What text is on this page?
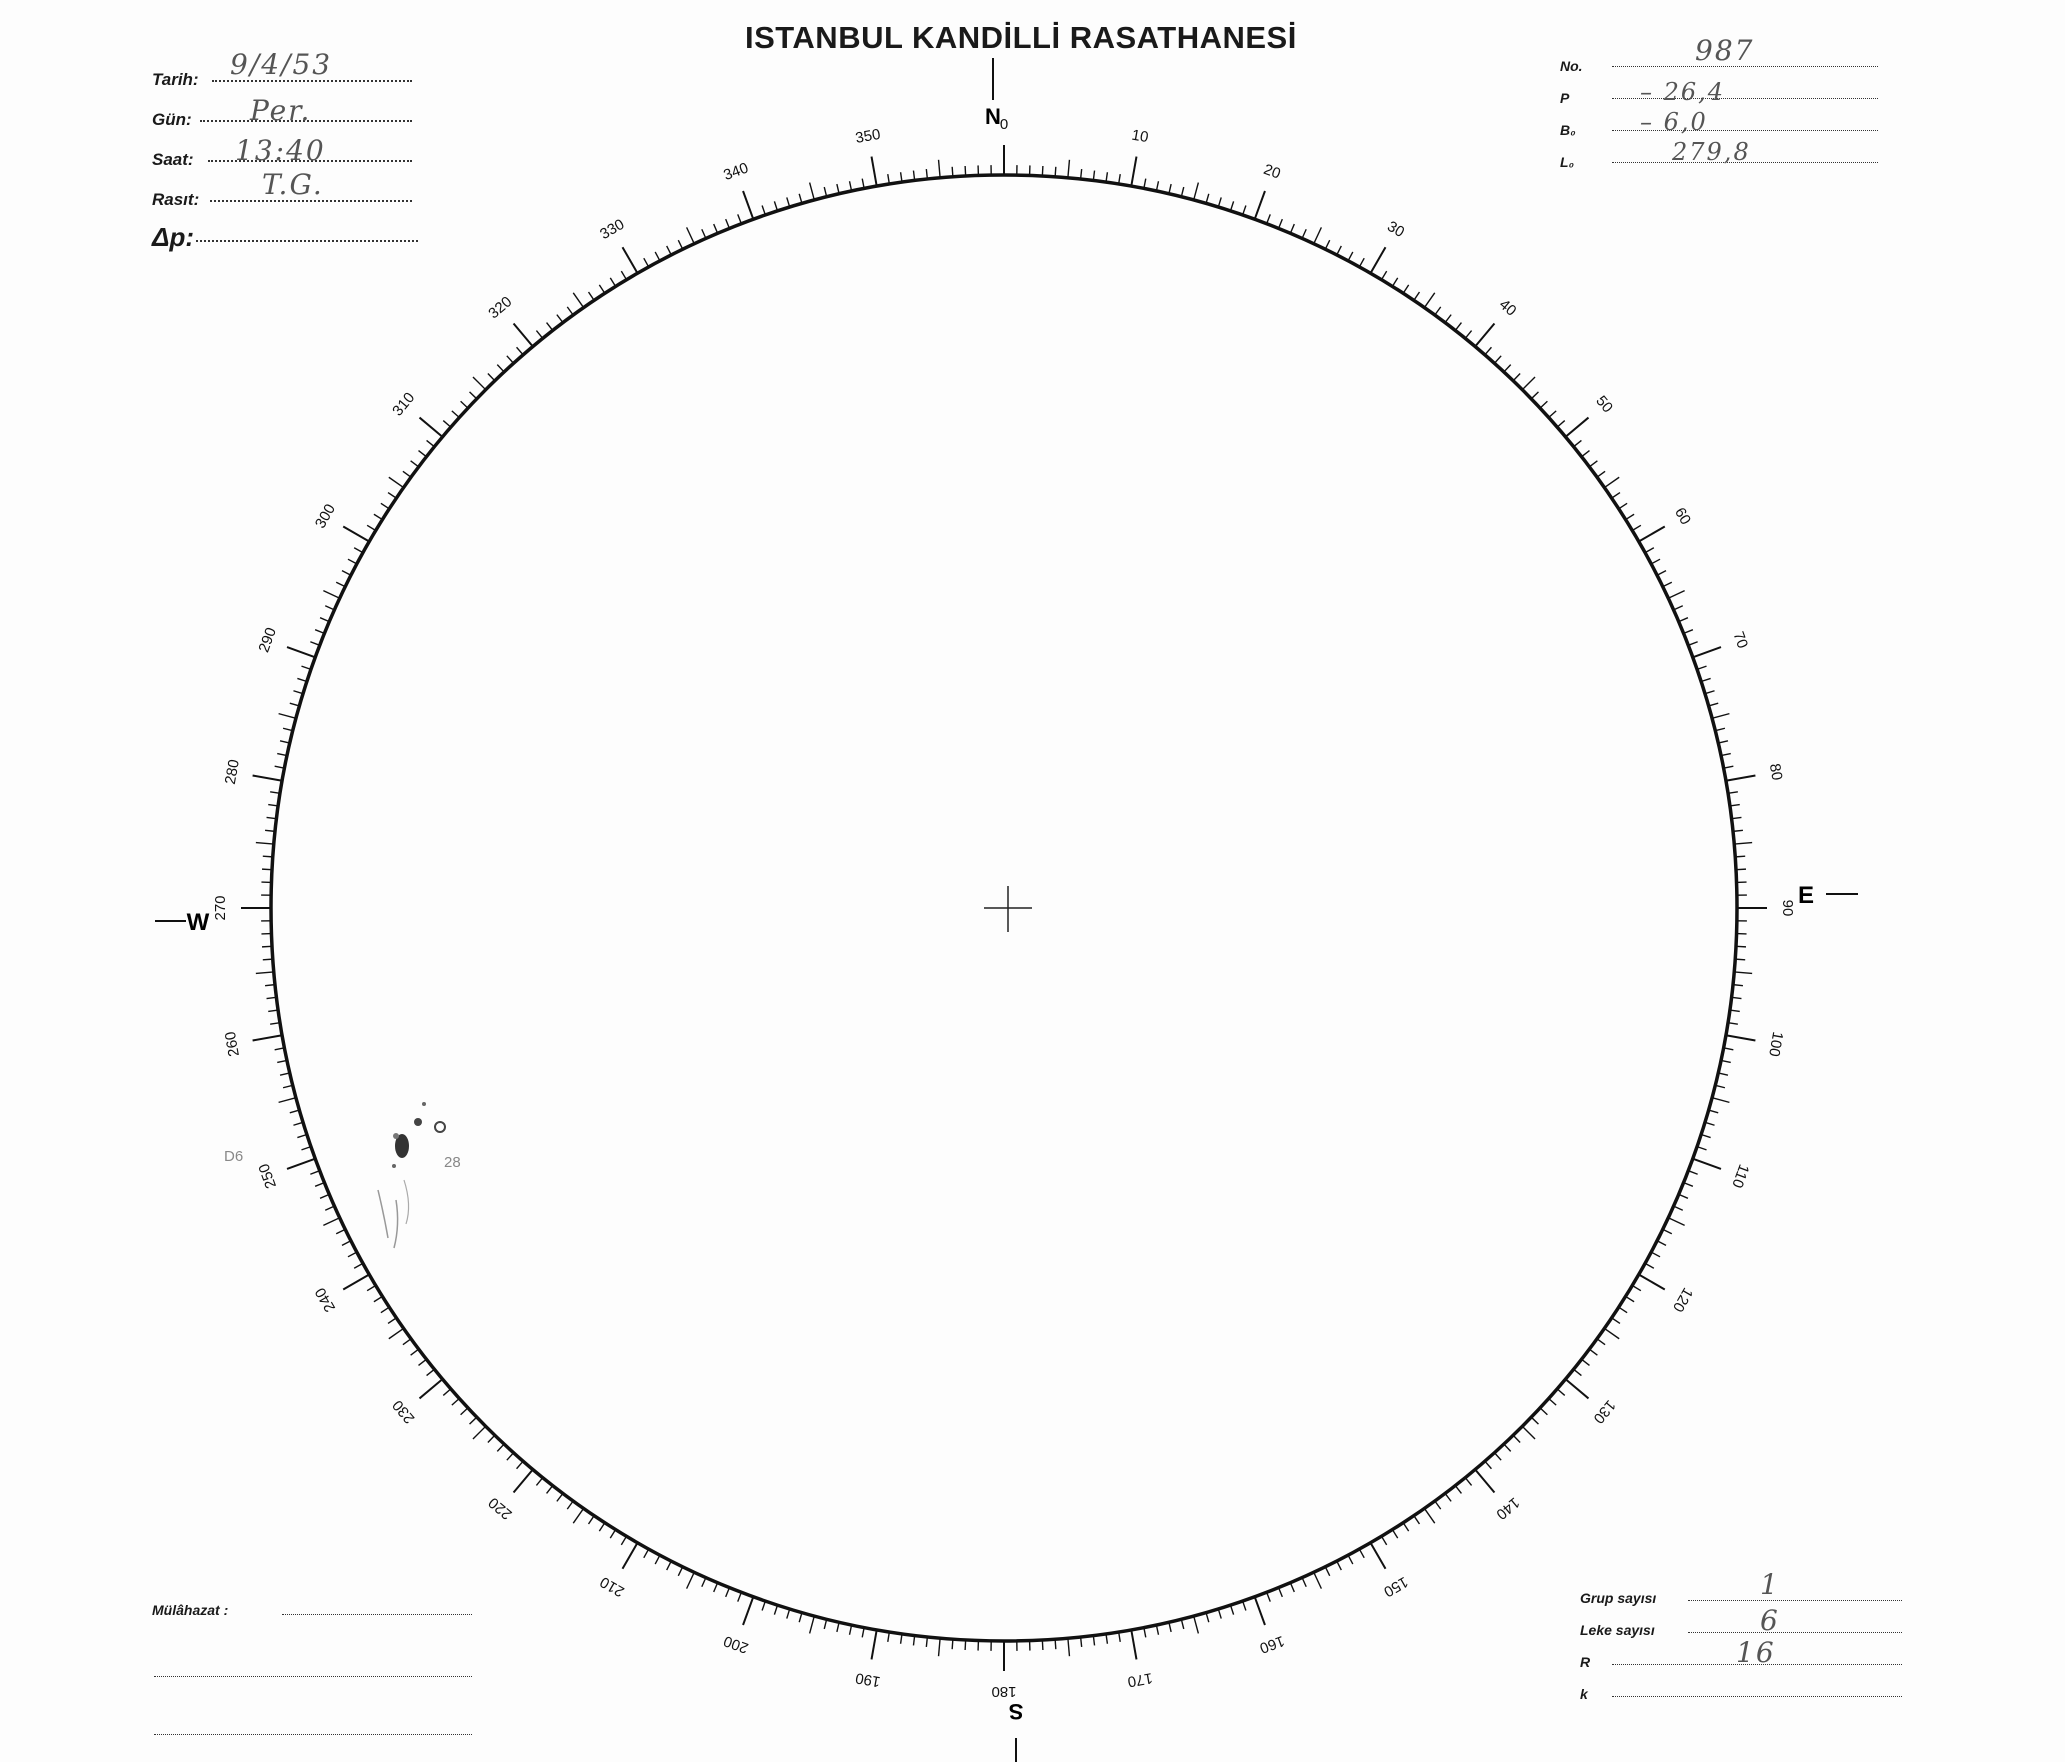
ISTANBUL KANDİLLİ RASATHANESİ
Tarih: 9/4/53
Gün: Per.
Saat: 13:40
Rasıt: T.G.
Δp:
No.	987
P	– 26,4
B₀	– 6,0
L₀	279,8
Grup sayısı	1
Leke sayısı	6
R	16
k
Mülâhazat :
0
10
20
30
40
50
60
70
80
90
100
110
120
130
140
150
160
170
180
190
200
210
220
230
240
250
260
270
280
290
300
310
320
330
340
350
N
S
E
W
D6	28
